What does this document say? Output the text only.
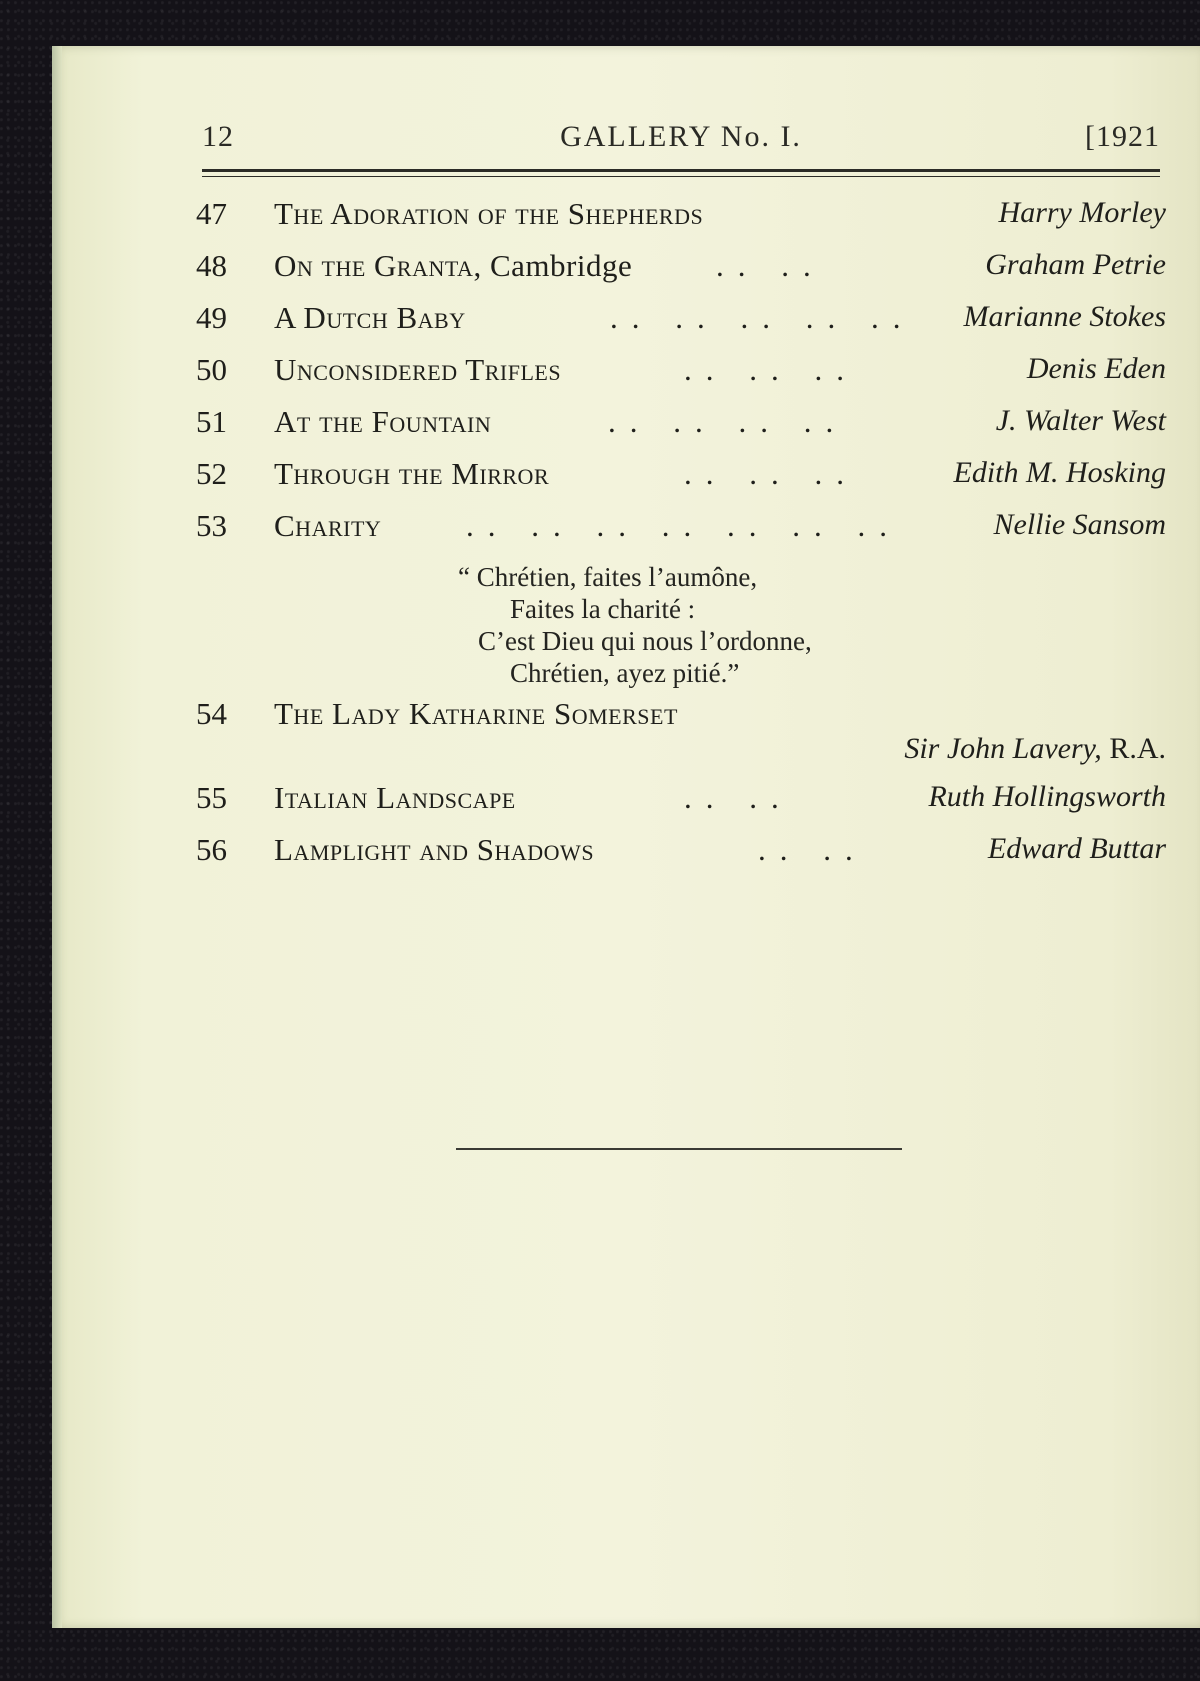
12	GALLERY No. I.	[1921
47 The Adoration of the Shepherds	Harry Morley
48 On the Granta, Cambridge	.. ..	Graham Petrie
49 A Dutch Baby	.. .. .. .. .. Marianne Stokes
50 Unconsidered Trifles	.. .. ..	Denis Eden
51 At the Fountain	.. .. .. ..	J. Walter West
52 Through the Mirror	.. .. ..	Edith M. Hosking
53 Charity	.. .. .. .. .. .. ..	Nellie Sansom
“ Chrétien, faites l’aumône,
Faites la charité :
C’est Dieu qui nous l’ordonne,
Chrétien, ayez pitié.”
54 The Lady Katharine Somerset
Sir John Lavery, R.A.
55 Italian Landscape	.. ..	Ruth Hollingsworth
56 Lamplight and Shadows	.. ..	Edward Buttar
